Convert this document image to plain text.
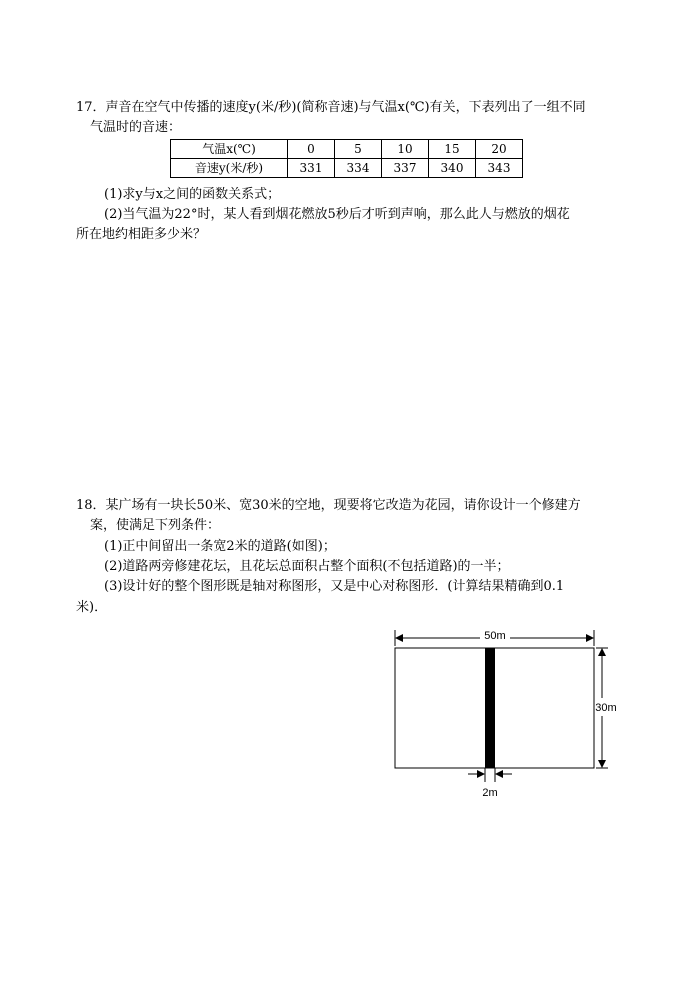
17．声音在空气中传播的速度y(米/秒)(简称音速)与气温x(℃)有关，下表列出了一组不同
气温时的音速：
气温x(℃)	0	5	10	15	20
音速y(米/秒)	331	334	337	340	343
(1)求y与x之间的函数关系式；
(2)当气温为22°时，某人看到烟花燃放5秒后才听到声响，那么此人与燃放的烟花
所在地约相距多少米？
18．某广场有一块长50米、宽30米的空地，现要将它改造为花园，请你设计一个修建方
案，使满足下列条件：
(1)正中间留出一条宽2米的道路(如图)；
(2)道路两旁修建花坛，且花坛总面积占整个面积(不包括道路)的一半；
(3)设计好的整个图形既是轴对称图形，又是中心对称图形．(计算结果精确到0.1
米)．
50m
30m
2m
